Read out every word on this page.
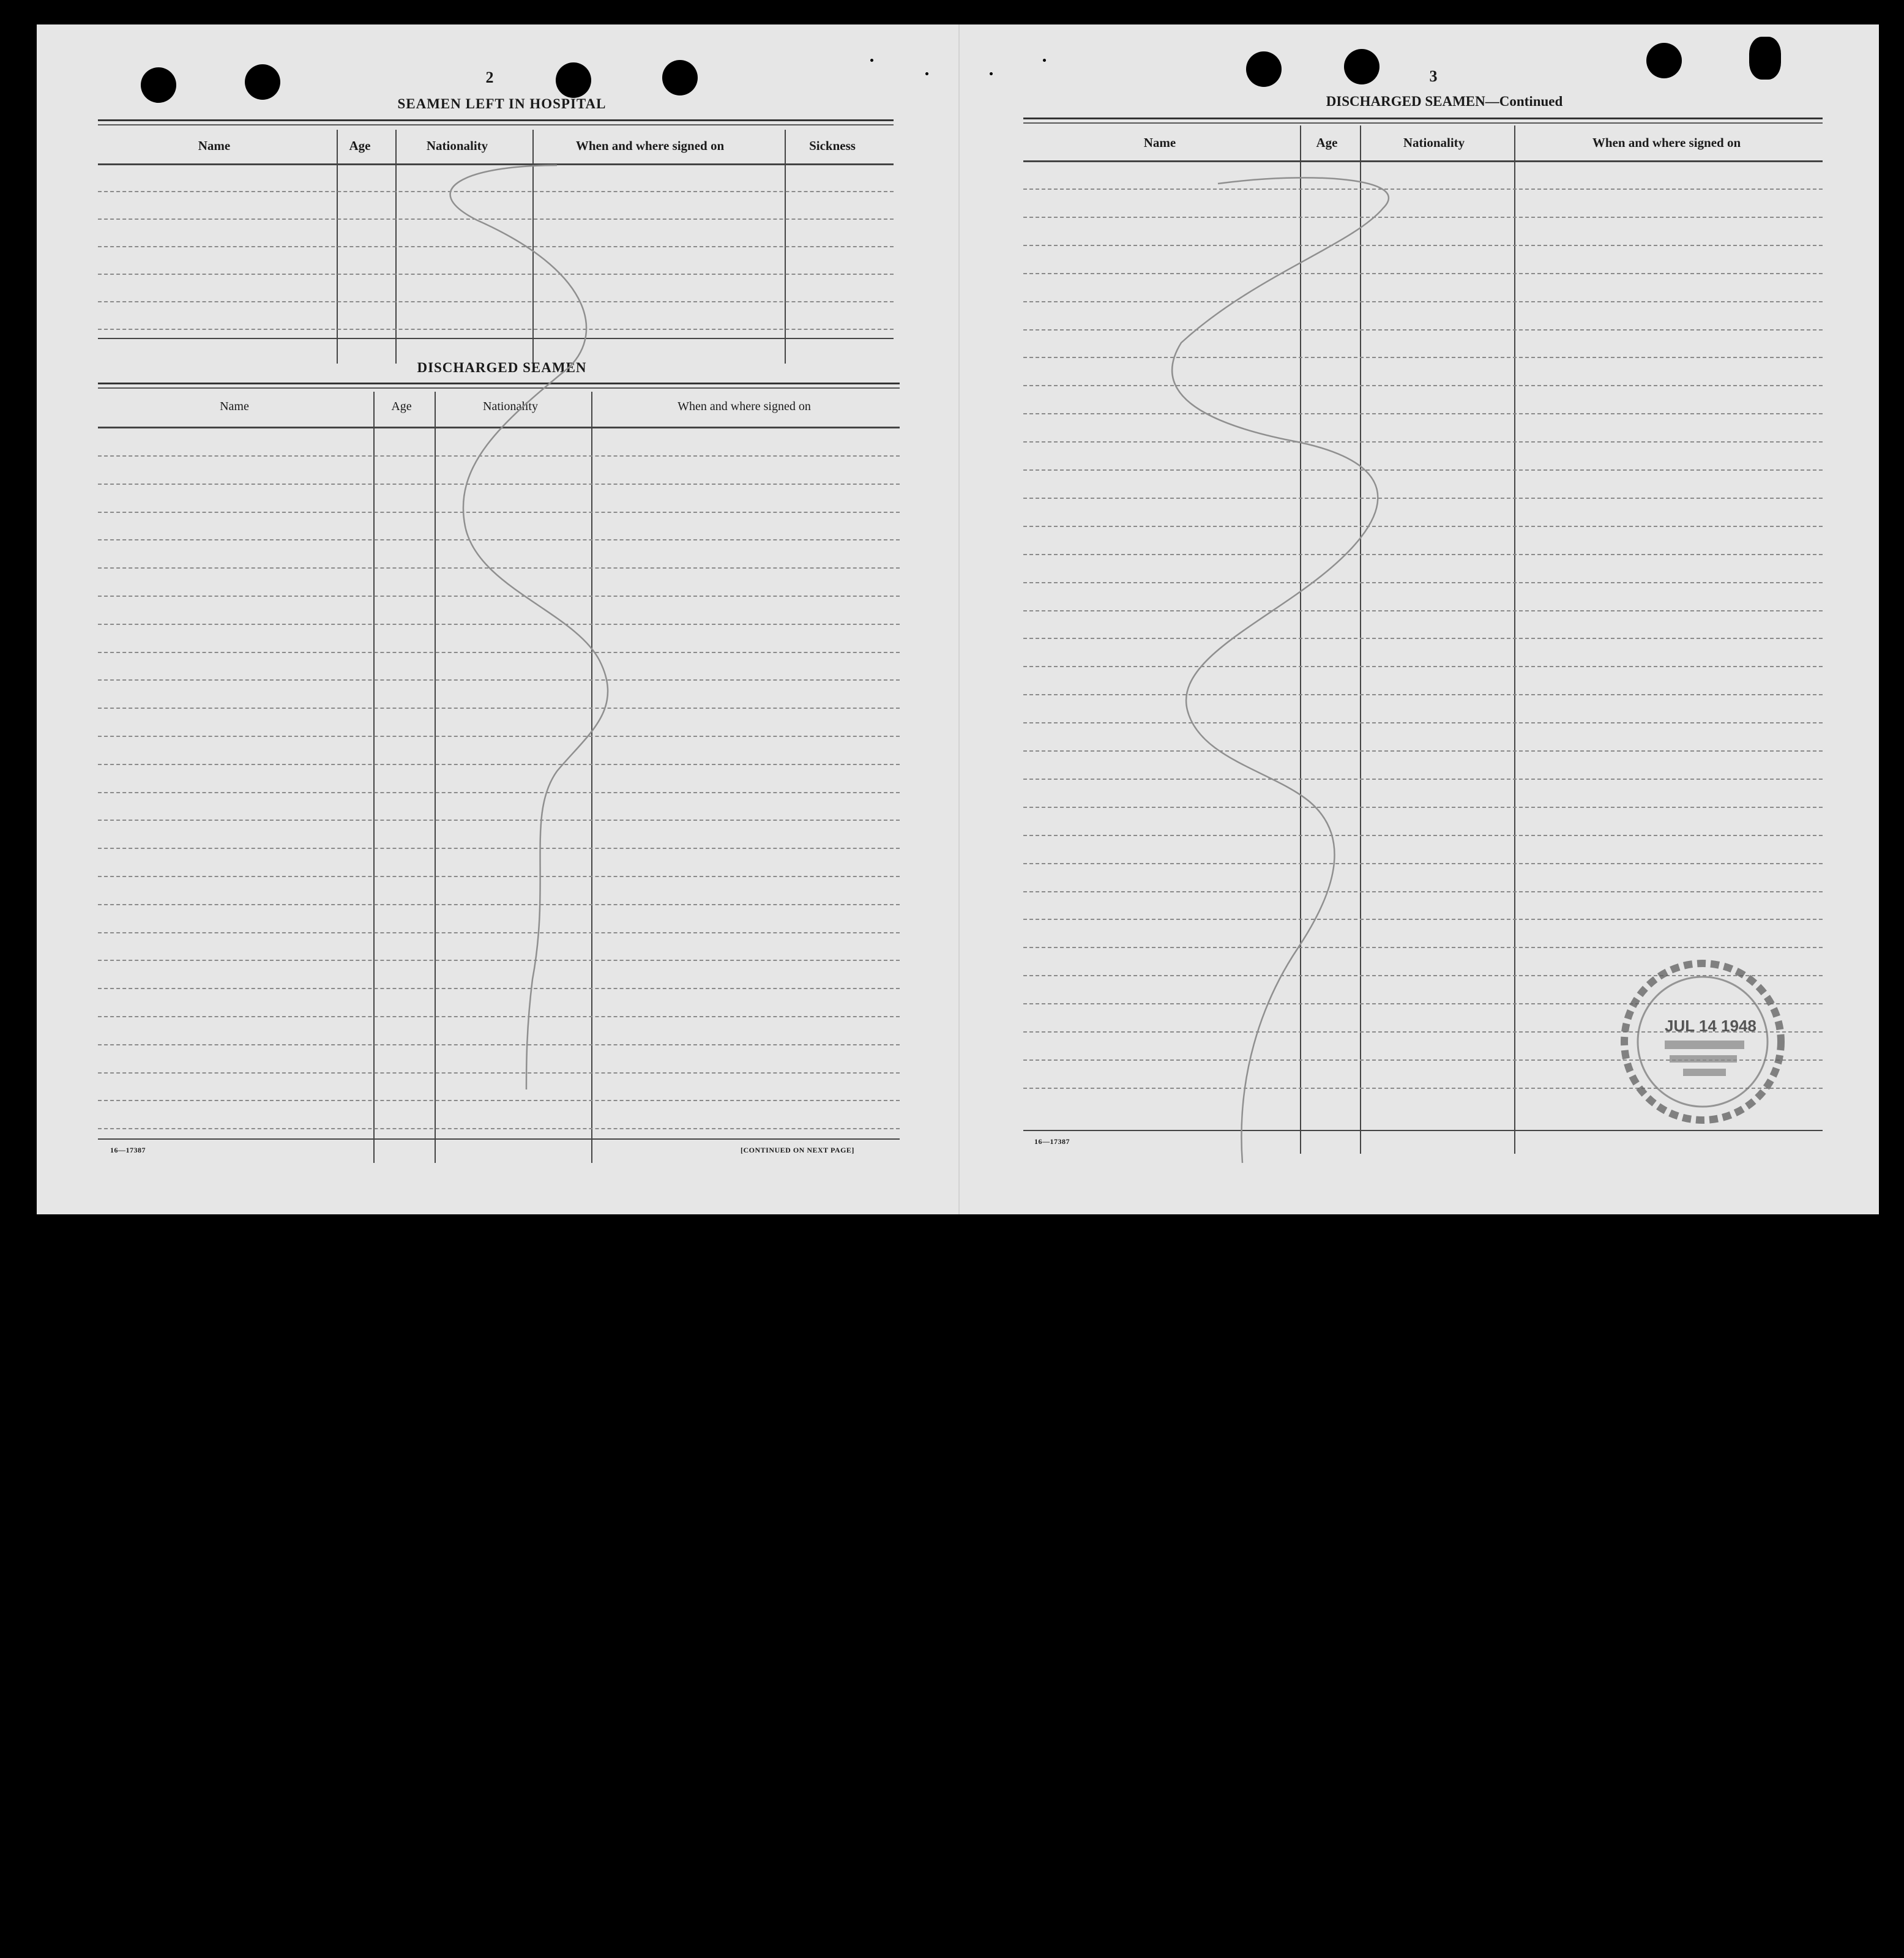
2
SEAMEN LEFT IN HOSPITAL
Name	Age	Nationality	When and where signed on	Sickness
DISCHARGED SEAMEN
Name	Age	Nationality	When and where signed on
16—17387	[CONTINUED ON NEXT PAGE]
3
DISCHARGED SEAMEN—Continued
Name	Age	Nationality	When and where signed on
16—17387
JUL 14 1948
